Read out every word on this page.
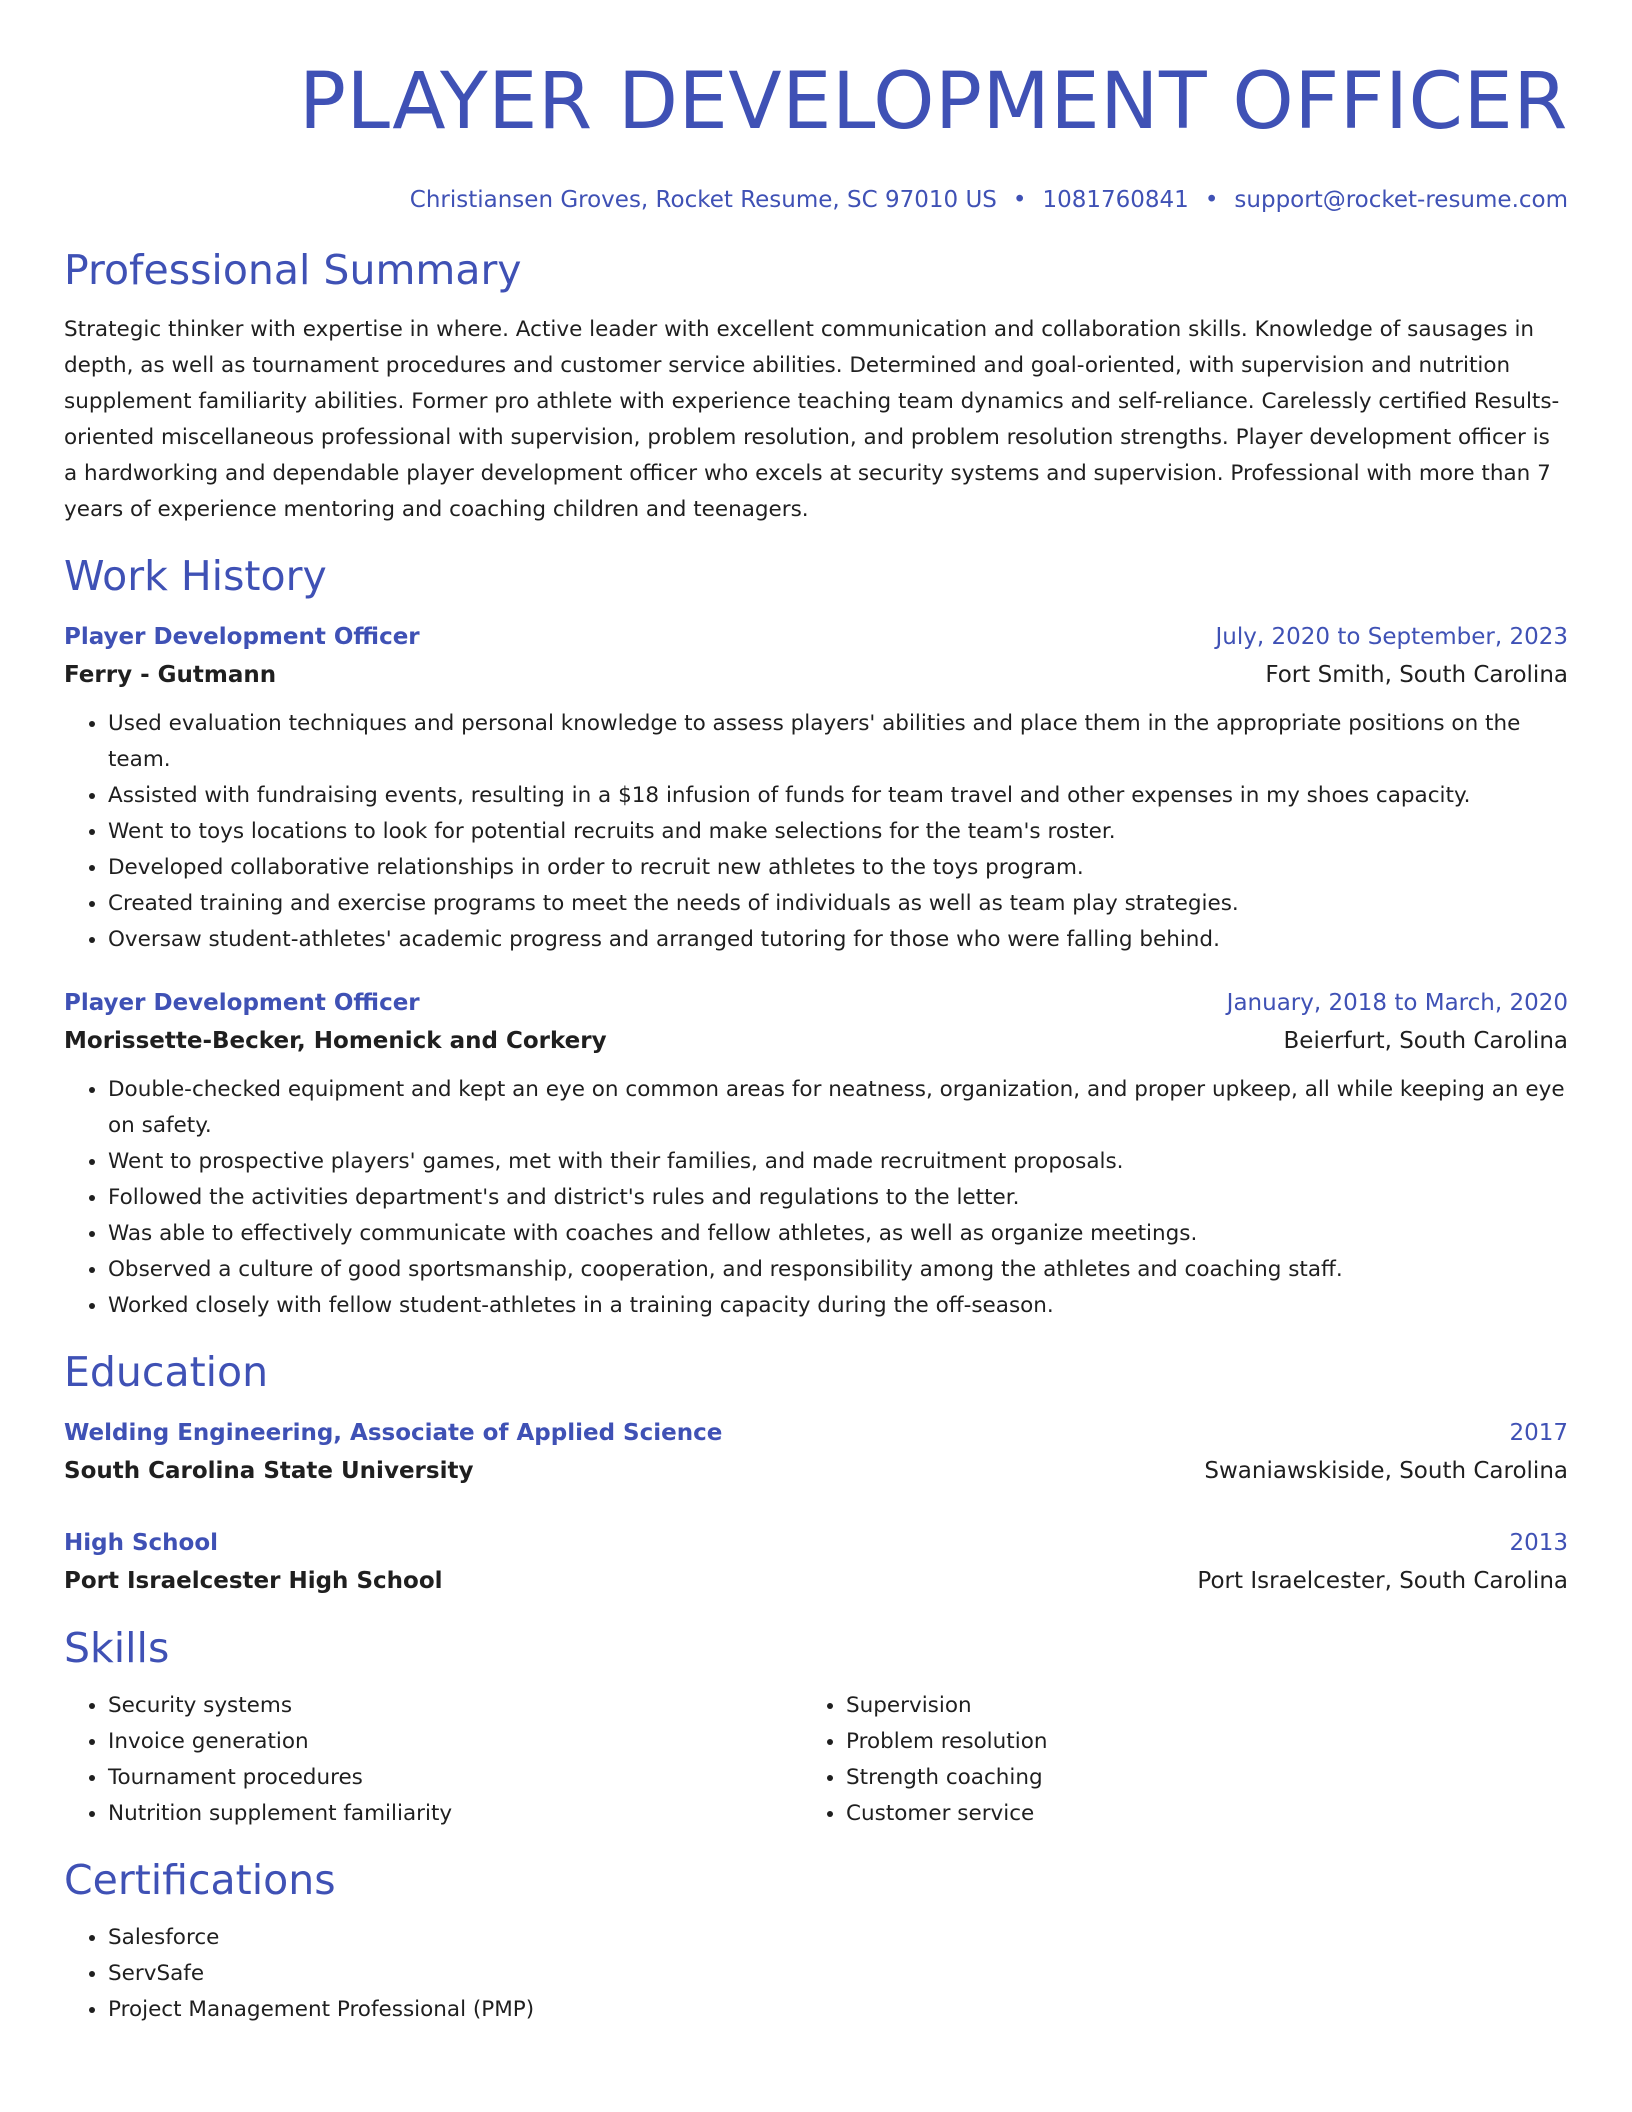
PLAYER DEVELOPMENT OFFICER
Christiansen Groves, Rocket Resume, SC 97010 US • 1081760841 • support@rocket-resume.com
Professional Summary
Strategic thinker with expertise in where. Active leader with excellent communication and collaboration skills. Knowledge of sausages in depth, as well as tournament procedures and customer service abilities. Determined and goal-oriented, with supervision and nutrition supplement familiarity abilities. Former pro athlete with experience teaching team dynamics and self-reliance. Carelessly certified Results-oriented miscellaneous professional with supervision, problem resolution, and problem resolution strengths. Player development officer is a hardworking and dependable player development officer who excels at security systems and supervision. Professional with more than 7 years of experience mentoring and coaching children and teenagers.
Work History
Player Development Officer	July, 2020 to September, 2023
Ferry - Gutmann	Fort Smith, South Carolina
• Used evaluation techniques and personal knowledge to assess players' abilities and place them in the appropriate positions on the team.
• Assisted with fundraising events, resulting in a $18 infusion of funds for team travel and other expenses in my shoes capacity.
• Went to toys locations to look for potential recruits and make selections for the team's roster.
• Developed collaborative relationships in order to recruit new athletes to the toys program.
• Created training and exercise programs to meet the needs of individuals as well as team play strategies.
• Oversaw student-athletes' academic progress and arranged tutoring for those who were falling behind.
Player Development Officer	January, 2018 to March, 2020
Morissette-Becker, Homenick and Corkery	Beierfurt, South Carolina
• Double-checked equipment and kept an eye on common areas for neatness, organization, and proper upkeep, all while keeping an eye on safety.
• Went to prospective players' games, met with their families, and made recruitment proposals.
• Followed the activities department's and district's rules and regulations to the letter.
• Was able to effectively communicate with coaches and fellow athletes, as well as organize meetings.
• Observed a culture of good sportsmanship, cooperation, and responsibility among the athletes and coaching staff.
• Worked closely with fellow student-athletes in a training capacity during the off-season.
Education
Welding Engineering, Associate of Applied Science	2017
South Carolina State University	Swaniawskiside, South Carolina
High School	2013
Port Israelcester High School	Port Israelcester, South Carolina
Skills
• Security systems
• Invoice generation
• Tournament procedures
• Nutrition supplement familiarity
• Supervision
• Problem resolution
• Strength coaching
• Customer service
Certifications
• Salesforce
• ServSafe
• Project Management Professional (PMP)
